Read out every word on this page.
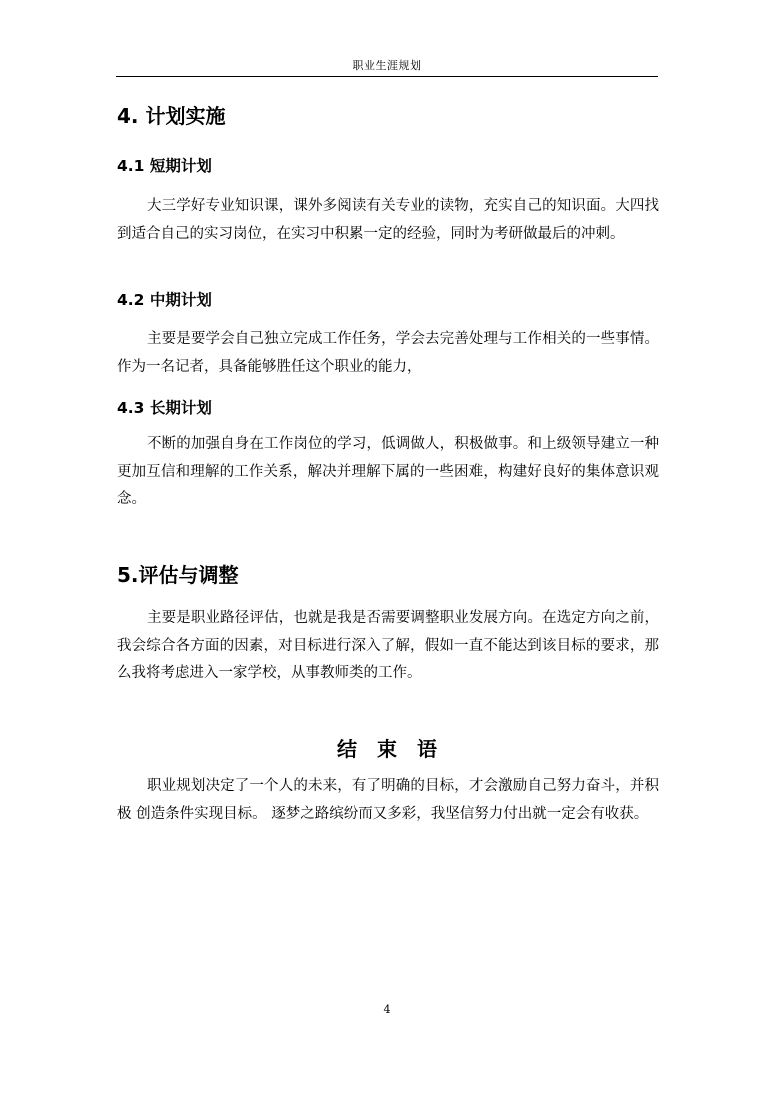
职业生涯规划
4. 计划实施
4.1 短期计划
大三学好专业知识课，课外多阅读有关专业的读物，充实自己的知识面。大四找到适合自己的实习岗位，在实习中积累一定的经验，同时为考研做最后的冲刺。
4.2 中期计划
主要是要学会自己独立完成工作任务，学会去完善处理与工作相关的一些事情。作为一名记者，具备能够胜任这个职业的能力，
4.3 长期计划
不断的加强自身在工作岗位的学习，低调做人，积极做事。和上级领导建立一种更加互信和理解的工作关系，解决并理解下属的一些困难，构建好良好的集体意识观念。
5.评估与调整
主要是职业路径评估，也就是我是否需要调整职业发展方向。在选定方向之前，我会综合各方面的因素，对目标进行深入了解，假如一直不能达到该目标的要求，那么我将考虑进入一家学校，从事教师类的工作。
结束语
职业规划决定了一个人的未来，有了明确的目标，才会激励自己努力奋斗，并积极 创造条件实现目标。 逐梦之路缤纷而又多彩，我坚信努力付出就一定会有收获。
4
